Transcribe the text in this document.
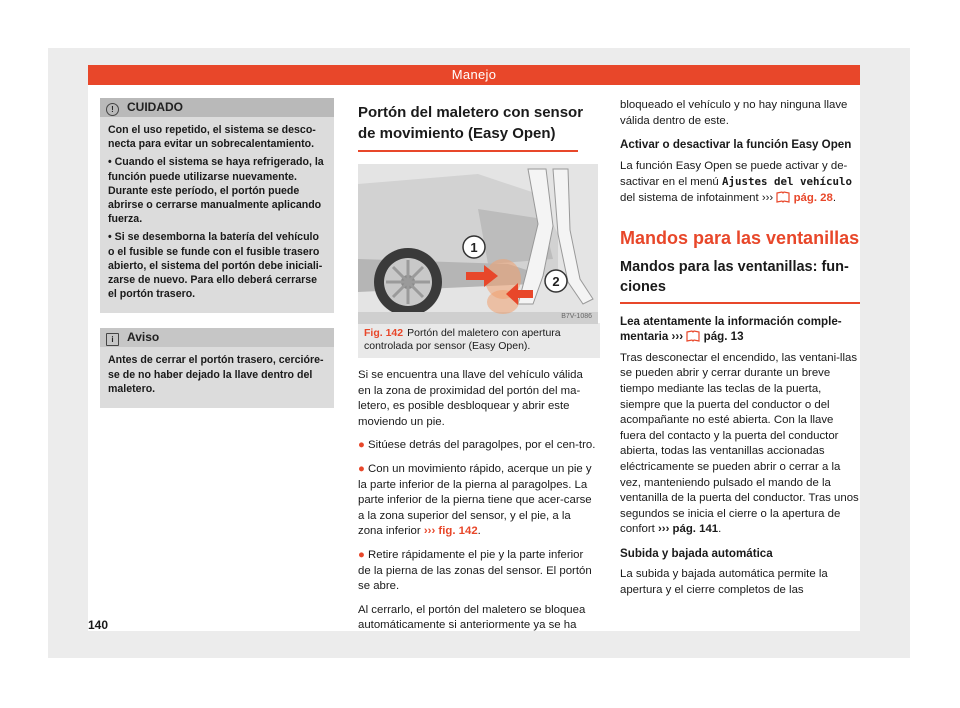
Manejo
! CUIDADO

Con el uso repetido, el sistema se desco-necta para evitar un sobrecalentamiento.

• Cuando el sistema se haya refrigerado, la función puede utilizarse nuevamente. Durante este período, el portón puede abrirse o cerrarse manualmente aplicando fuerza.

• Si se desemborna la batería del vehículo o el fusible se funde con el fusible trasero abierto, el sistema del portón debe iniciali-zarse de nuevo. Para ello deberá cerrarse el portón trasero.

i Aviso

Antes de cerrar el portón trasero, cercióre-se de no haber dejado la llave dentro del maletero.

Portón del maletero con sensor de movimiento (Easy Open)
1
2
B7V-1086
Fig. 142 Portón del maletero con apertura controlada por sensor (Easy Open).

Si se encuentra una llave del vehículo válida en la zona de proximidad del portón del ma-letero, es posible desbloquear y abrir este moviendo un pie.

● Sitúese detrás del paragolpes, por el cen-tro.

● Con un movimiento rápido, acerque un pie y la parte inferior de la pierna al paragolpes. La parte inferior de la pierna tiene que acer-carse a la zona superior del sensor, y el pie, a la zona inferior ››› fig. 142.

● Retire rápidamente el pie y la parte inferior de la pierna de las zonas del sensor. El portón se abre.

Al cerrarlo, el portón del maletero se bloquea automáticamente si anteriormente ya se ha

bloqueado el vehículo y no hay ninguna llave válida dentro de este.

Activar o desactivar la función Easy Open

La función Easy Open se puede activar y de-sactivar en el menú Ajustes del vehículo del sistema de infotainment ››› pág. 28.

Mandos para las ventanillas
Mandos para las ventanillas: fun-ciones

Lea atentamente la información comple-mentaria ››› pág. 13

Tras desconectar el encendido, las ventani-llas se pueden abrir y cerrar durante un breve tiempo mediante las teclas de la puerta, siempre que la puerta del conductor o del acompañante no esté abierta. Con la llave fuera del contacto y la puerta del conductor abierta, todas las ventanillas accionadas eléctricamente se pueden abrir o cerrar a la vez, manteniendo pulsado el mando de la ventanilla de la puerta del conductor. Tras unos segundos se inicia el cierre o la apertura de confort ››› pág. 141.

Subida y bajada automática

La subida y bajada automática permite la apertura y el cierre completos de las

140
